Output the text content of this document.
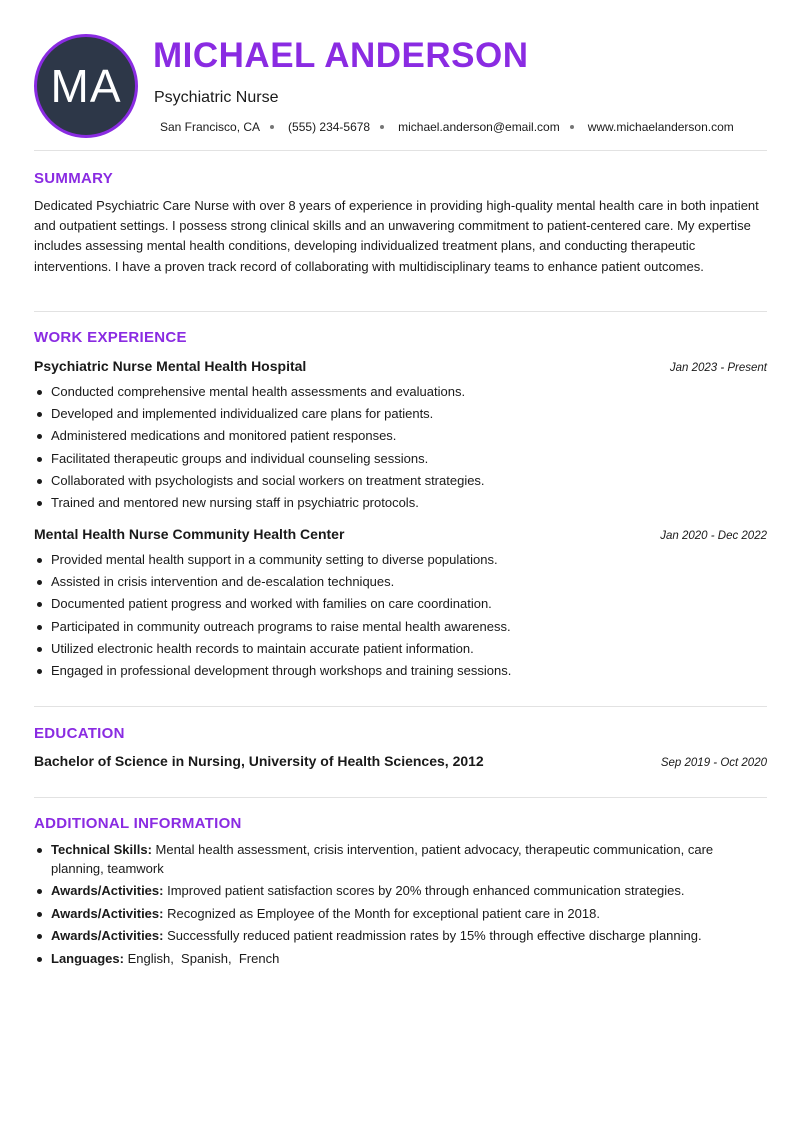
MA
MICHAEL ANDERSON
Psychiatric Nurse
San Francisco, CA (555) 234-5678 michael.anderson@email.com www.michaelanderson.com
SUMMARY

Dedicated Psychiatric Care Nurse with over 8 years of experience in providing high-quality mental health care in both inpatient and outpatient settings. I possess strong clinical skills and an unwavering commitment to patient-centered care. My expertise includes assessing mental health conditions, developing individualized treatment plans, and conducting therapeutic interventions. I have a proven track record of collaborating with multidisciplinary teams to enhance patient outcomes.

WORK EXPERIENCE
Psychiatric Nurse Mental Health Hospital	Jan 2023 - Present
Conducted comprehensive mental health assessments and evaluations.
Developed and implemented individualized care plans for patients.
Administered medications and monitored patient responses.
Facilitated therapeutic groups and individual counseling sessions.
Collaborated with psychologists and social workers on treatment strategies.
Trained and mentored new nursing staff in psychiatric protocols.
Mental Health Nurse Community Health Center	Jan 2020 - Dec 2022
Provided mental health support in a community setting to diverse populations.
Assisted in crisis intervention and de-escalation techniques.
Documented patient progress and worked with families on care coordination.
Participated in community outreach programs to raise mental health awareness.
Utilized electronic health records to maintain accurate patient information.
Engaged in professional development through workshops and training sessions.
EDUCATION
Bachelor of Science in Nursing, University of Health Sciences, 2012	Sep 2019 - Oct 2020
ADDITIONAL INFORMATION
Technical Skills: Mental health assessment, crisis intervention, patient advocacy, therapeutic communication, care planning, teamwork
Awards/Activities: Improved patient satisfaction scores by 20% through enhanced communication strategies.
Awards/Activities: Recognized as Employee of the Month for exceptional patient care in 2018.
Awards/Activities: Successfully reduced patient readmission rates by 15% through effective discharge planning.
Languages: English,  Spanish,  French
